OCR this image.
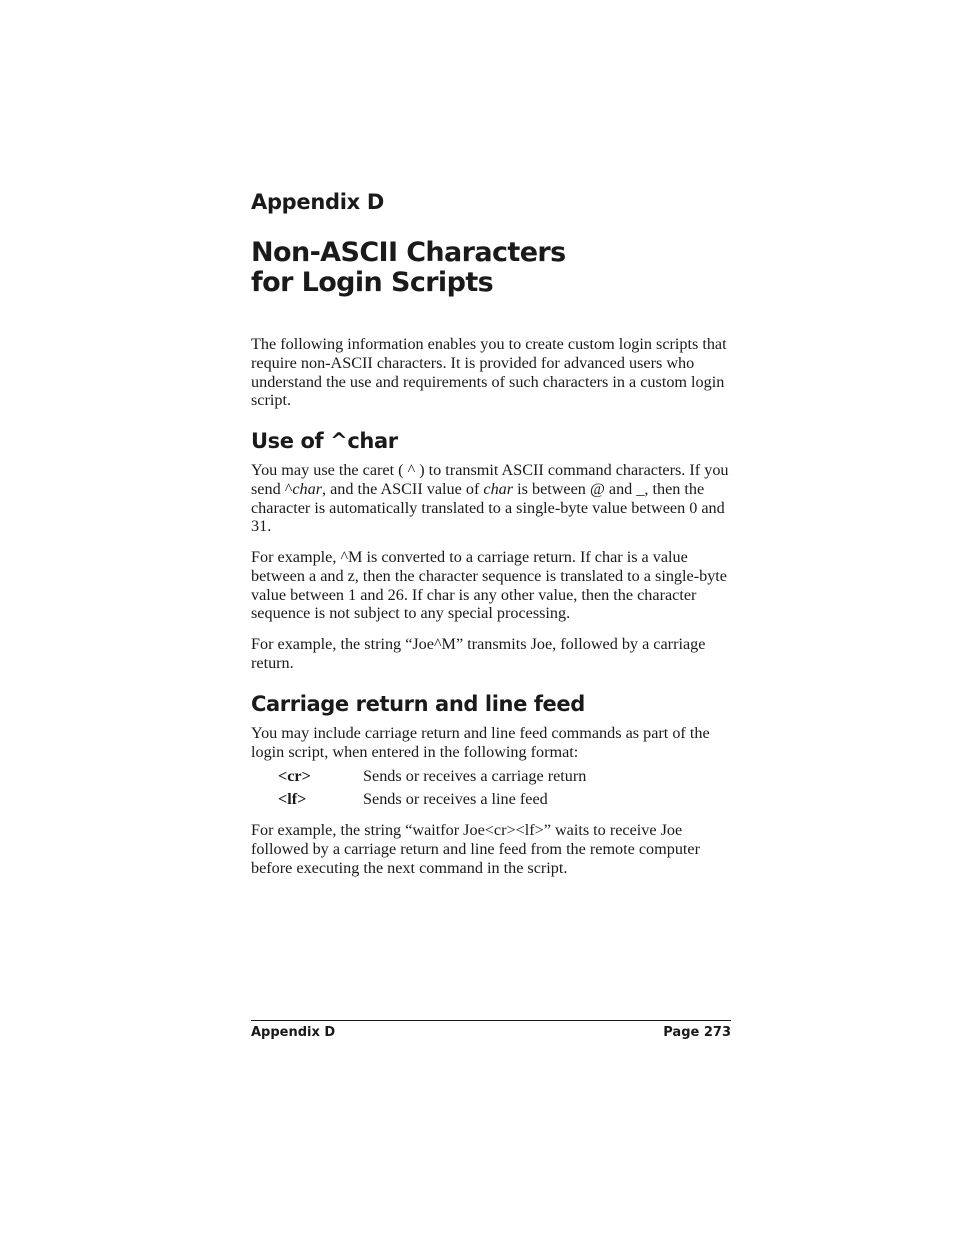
Appendix D
Non-ASCII Characters
for Login Scripts

The following information enables you to create custom login scripts that require non-ASCII characters. It is provided for advanced users who understand the use and requirements of such characters in a custom login script.

Use of ^char

You may use the caret ( ^ ) to transmit ASCII command characters. If you send ^char, and the ASCII value of char is between @ and _, then the character is automatically translated to a single-byte value between 0 and 31.

For example, ^M is converted to a carriage return. If char is a value between a and z, then the character sequence is translated to a single-byte value between 1 and 26. If char is any other value, then the character sequence is not subject to any special processing.

For example, the string “Joe^M” transmits Joe, followed by a carriage return.

Carriage return and line feed

You may include carriage return and line feed commands as part of the login script, when entered in the following format:

<cr>	Sends or receives a carriage return
<lf>	Sends or receives a line feed

For example, the string “waitfor Joe<cr><lf>” waits to receive Joe followed by a carriage return and line feed from the remote computer before executing the next command in the script.

Appendix D	Page 273
